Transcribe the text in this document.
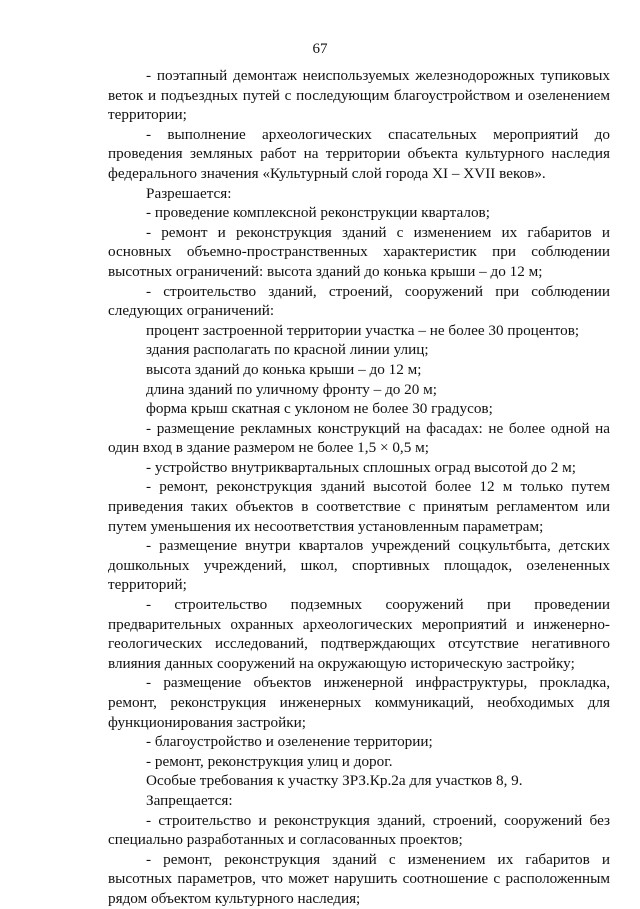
67

- поэтапный демонтаж неиспользуемых железнодорожных тупиковых веток и подъездных путей с последующим благоустройством и озеленением территории;

- выполнение археологических спасательных мероприятий до проведения земляных работ на территории объекта культурного наследия федерального значения «Культурный слой города XI – XVII веков».

Разрешается:

- проведение комплексной реконструкции кварталов;

- ремонт и реконструкция зданий с изменением их габаритов и основных объемно-пространственных характеристик при соблюдении высотных ограничений: высота зданий до конька крыши – до 12 м;

- строительство зданий, строений, сооружений при соблюдении следующих ограничений:

процент застроенной территории участка – не более 30 процентов;

здания располагать по красной линии улиц;

высота зданий до конька крыши – до 12 м;

длина зданий по уличному фронту – до 20 м;

форма крыш скатная с уклоном не более 30 градусов;

- размещение рекламных конструкций на фасадах: не более одной на один вход в здание размером не более 1,5 × 0,5 м;

- устройство внутриквартальных сплошных оград высотой до 2 м;

- ремонт, реконструкция зданий высотой более 12 м только путем приведения таких объектов в соответствие с принятым регламентом или путем уменьшения их несоответствия установленным параметрам;

- размещение внутри кварталов учреждений соцкультбыта, детских дошкольных учреждений, школ, спортивных площадок, озелененных территорий;

- строительство подземных сооружений при проведении предварительных охранных археологических мероприятий и инженерно-геологических исследований, подтверждающих отсутствие негативного влияния данных сооружений на окружающую историческую застройку;

- размещение объектов инженерной инфраструктуры, прокладка, ремонт, реконструкция инженерных коммуникаций, необходимых для функционирования застройки;

- благоустройство и озеленение территории;

- ремонт, реконструкция улиц и дорог.

Особые требования к участку ЗРЗ.Кр.2а для участков 8, 9.

Запрещается:

- строительство и реконструкция зданий, строений, сооружений без специально разработанных и согласованных проектов;

- ремонт, реконструкция зданий с изменением их габаритов и высотных параметров, что может нарушить соотношение с расположенным рядом объектом культурного наследия;
